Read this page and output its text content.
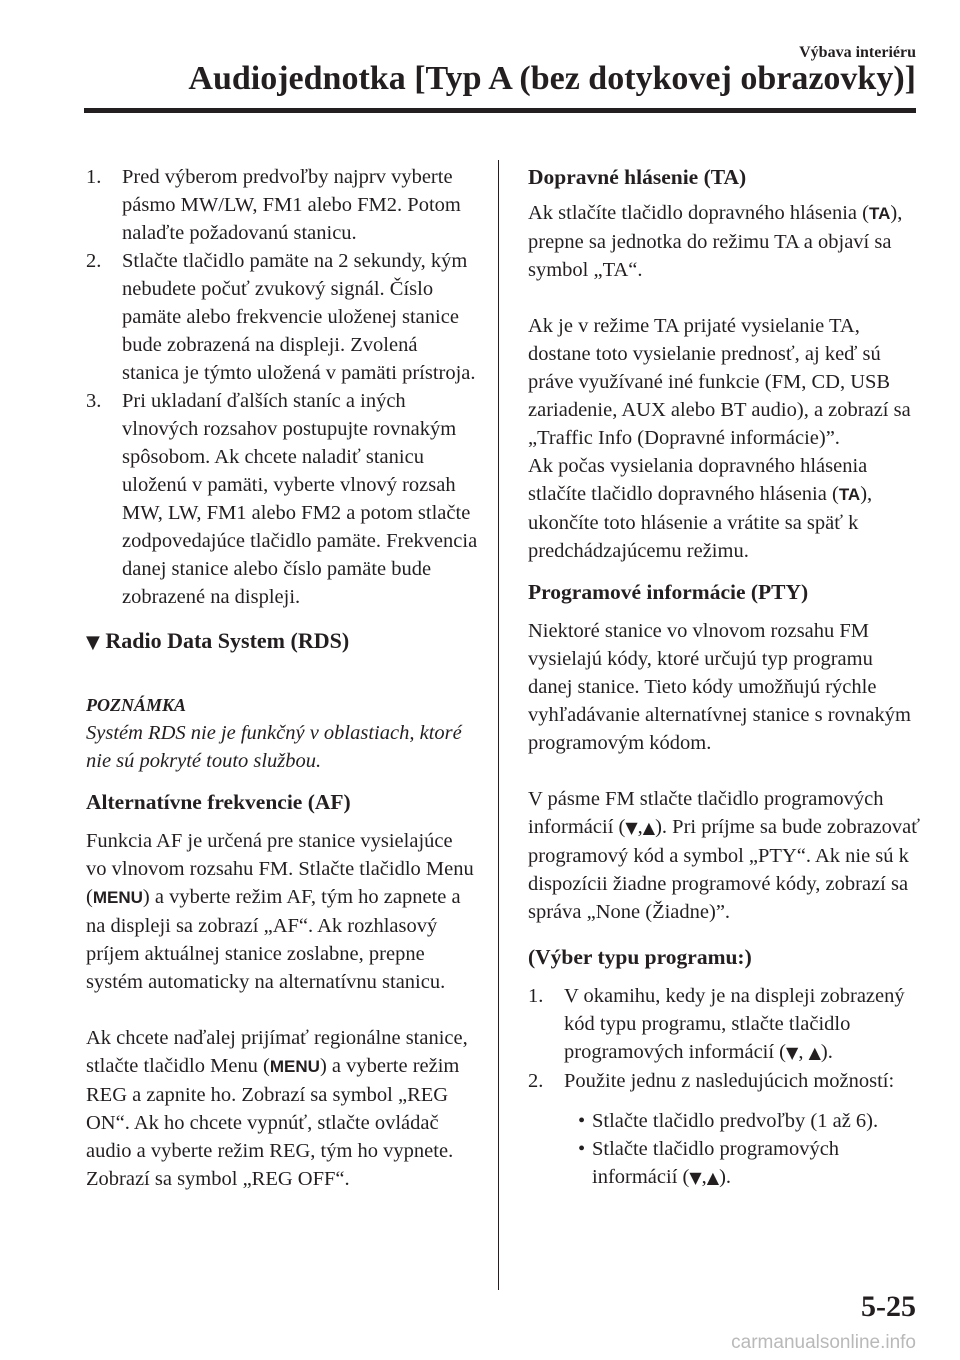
Výbava interiéru
Audiojednotka [Typ A (bez dotykovej obrazovky)]
1.	Pred výberom predvoľby najprv vyberte pásmo MW/LW, FM1 alebo FM2. Potom nalaďte požadovanú stanicu.
2.	Stlačte tlačidlo pamäte na 2 sekundy, kým nebudete počuť zvukový signál. Číslo pamäte alebo frekvencie uloženej stanice bude zobrazená na displeji. Zvolená stanica je týmto uložená v pamäti prístroja.
3.	Pri ukladaní ďalších staníc a iných vlnových rozsahov postupujte rovnakým spôsobom. Ak chcete naladiť stanicu uloženú v pamäti, vyberte vlnový rozsah MW, LW, FM1 alebo FM2 a potom stlačte zodpovedajúce tlačidlo pamäte. Frekvencia danej stanice alebo číslo pamäte bude zobrazené na displeji.
▼ Radio Data System (RDS)

POZNÁMKA

Systém RDS nie je funkčný v oblastiach, ktoré nie sú pokryté touto službou.

Alternatívne frekvencie (AF)

Funkcia AF je určená pre stanice vysielajúce vo vlnovom rozsahu FM. Stlačte tlačidlo Menu (MENU) a vyberte režim AF, tým ho zapnete a na displeji sa zobrazí „AF“. Ak rozhlasový príjem aktuálnej stanice zoslabne, prepne systém automaticky na alternatívnu stanicu.

Ak chcete naďalej prijímať regionálne stanice, stlačte tlačidlo Menu (MENU) a vyberte režim REG a zapnite ho. Zobrazí sa symbol „REG ON“. Ak ho chcete vypnúť, stlačte ovládač audio a vyberte režim REG, tým ho vypnete. Zobrazí sa symbol „REG OFF“.

Dopravné hlásenie (TA)

Ak stlačíte tlačidlo dopravného hlásenia (TA), prepne sa jednotka do režimu TA a objaví sa symbol „TA“.

Ak je v režime TA prijaté vysielanie TA, dostane toto vysielanie prednosť, aj keď sú práve využívané iné funkcie (FM, CD, USB zariadenie, AUX alebo BT audio), a zobrazí sa „Traffic Info (Dopravné informácie)”.

Ak počas vysielania dopravného hlásenia stlačíte tlačidlo dopravného hlásenia (TA), ukončíte toto hlásenie a vrátite sa späť k predchádzajúcemu režimu.

Programové informácie (PTY)

Niektoré stanice vo vlnovom rozsahu FM vysielajú kódy, ktoré určujú typ programu danej stanice. Tieto kódy umožňujú rýchle vyhľadávanie alternatívnej stanice s rovnakým programovým kódom.

V pásme FM stlačte tlačidlo programových informácií (▼,▲). Pri príjme sa bude zobrazovať programový kód a symbol „PTY“. Ak nie sú k dispozícii žiadne programové kódy, zobrazí sa správa „None (Žiadne)”.

(Výber typu programu:)

1.	V okamihu, kedy je na displeji zobrazený kód typu programu, stlačte tlačidlo programových informácií (▼, ▲).
2.	Použite jednu z nasledujúcich možností:
• Stlačte tlačidlo predvoľby (1 až 6).
• Stlačte tlačidlo programových informácií (▼,▲).
5-25
carmanualsonline.info
